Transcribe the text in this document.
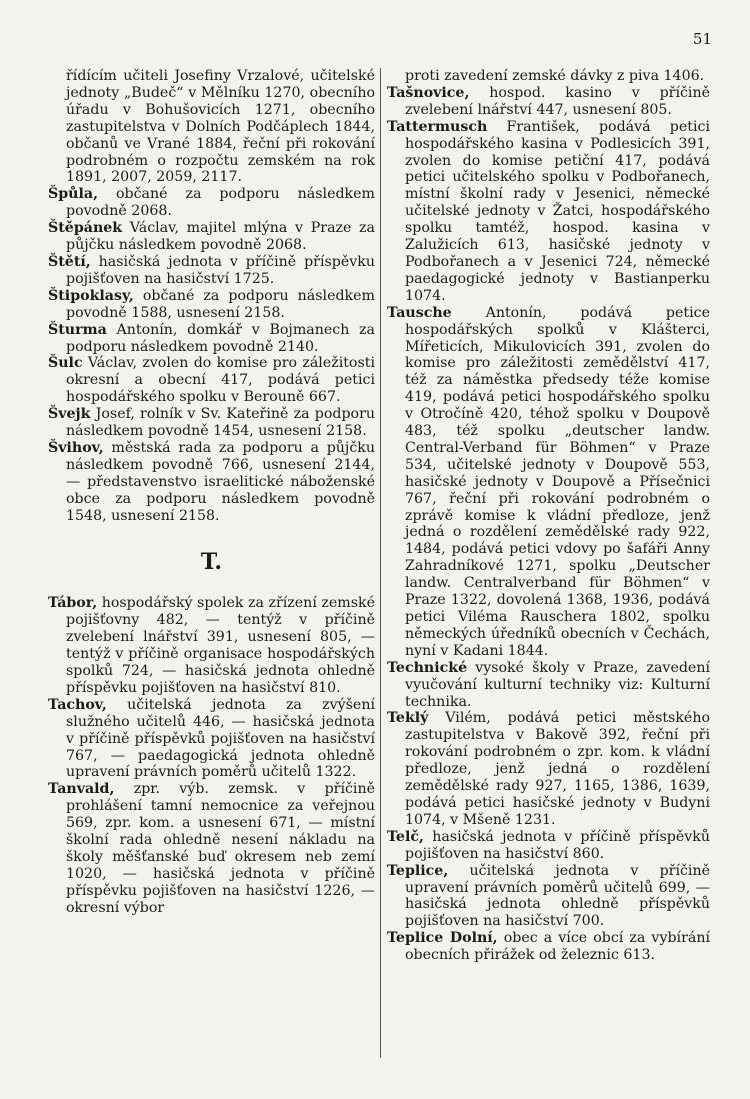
51

řídícím učiteli Josefiny Vrzalové, učitelské jednoty „Budeč“ v Mělníku 1270, obecního úřadu v Bohušovicích 1271, obecního zastupitelstva v Dolních Podčáplech 1844, občanů ve Vrané 1884, řeční při rokování podrobném o rozpočtu zemském na rok 1891, 2007, 2059, 2117.

Špůla, občané za podporu následkem povodně 2068.

Štěpánek Václav, majitel mlýna v Praze za půjčku následkem povodně 2068.

Štětí, hasičská jednota v příčině příspěvku pojišťoven na hasičství 1725.

Štipoklasy, občané za podporu následkem povodně 1588, usnesení 2158.

Šturma Antonín, domkář v Bojmanech za podporu následkem povodně 2140.

Šulc Václav, zvolen do komise pro záležitosti okresní a obecní 417, podává petici hospodářského spolku v Berouně 667.

Švejk Josef, rolník v Sv. Kateřině za podporu následkem povodně 1454, usnesení 2158.

Švihov, městská rada za podporu a půjčku následkem povodně 766, usnesení 2144, — představenstvo israelitické náboženské obce za podporu následkem povodně 1548, usnesení 2158.

T.

Tábor, hospodářský spolek za zřízení zemské pojišťovny 482, — tentýž v příčině zvelebení lnářství 391, usnesení 805, — tentýž v příčině organisace hospodářských spolků 724, — hasičská jednota ohledně příspěvku pojišťoven na hasičství 810.

Tachov, učitelská jednota za zvýšení služného učitelů 446, — hasičská jednota v příčině příspěvků pojišťoven na hasičství 767, — paedagogická jednota ohledně upravení právních poměrů učitelů 1322.

Tanvald, zpr. výb. zemsk. v příčině prohlášení tamní nemocnice za veřejnou 569, zpr. kom. a usnesení 671, — místní školní rada ohledně nesení nákladu na školy měšťanské buď okresem neb zemí 1020, — hasičská jednota v příčině příspěvku pojišťoven na hasičství 1226, — okresní výbor

proti zavedení zemské dávky z piva 1406.

Tašnovice, hospod. kasino v příčině zvelebení lnářství 447, usnesení 805.

Tattermusch František, podává petici hospodářského kasina v Podlesicích 391, zvolen do komise petiční 417, podává petici učitelského spolku v Podbořanech, místní školní rady v Jesenici, německé učitelské jednoty v Žatci, hospodářského spolku tamtéž, hospod. kasina v Zalužicích 613, hasičské jednoty v Podbořanech a v Jesenici 724, německé paedagogické jednoty v Bastianperku 1074.

Tausche Antonín, podává petice hospodářských spolků v Klášterci, Mířeticích, Mikulovicích 391, zvolen do komise pro záležitosti zemědělství 417, též za náměstka předsedy téže komise 419, podává petici hospodářského spolku v Otročíně 420, téhož spolku v Doupově 483, též spolku „deutscher landw. Central-Verband für Böhmen“ v Praze 534, učitelské jednoty v Doupově 553, hasičské jednoty v Doupově a Přísečnici 767, řeční při rokování podrobném o zprávě komise k vládní předloze, jenž jedná o rozdělení zemědělské rady 922, 1484, podává petici vdovy po šafáři Anny Zahradníkové 1271, spolku „Deutscher landw. Centralverband für Böhmen“ v Praze 1322, dovolená 1368, 1936, podává petici Viléma Rauschera 1802, spolku německých úředníků obecních v Čechách, nyní v Kadani 1844.

Technické vysoké školy v Praze, zavedení vyučování kulturní techniky viz: Kulturní technika.

Teklý Vilém, podává petici městského zastupitelstva v Bakově 392, řeční při rokování podrobném o zpr. kom. k vládní předloze, jenž jedná o rozdělení zemědělské rady 927, 1165, 1386, 1639, podává petici hasičské jednoty v Budyni 1074, v Mšeně 1231.

Telč, hasičská jednota v příčině příspěvků pojišťoven na hasičství 860.

Teplice, učitelská jednota v příčině upravení právních poměrů učitelů 699, — hasičská jednota ohledně příspěvků pojišťoven na hasičství 700.

Teplice Dolní, obec a více obcí za vybírání obecních přirážek od železnic 613.
